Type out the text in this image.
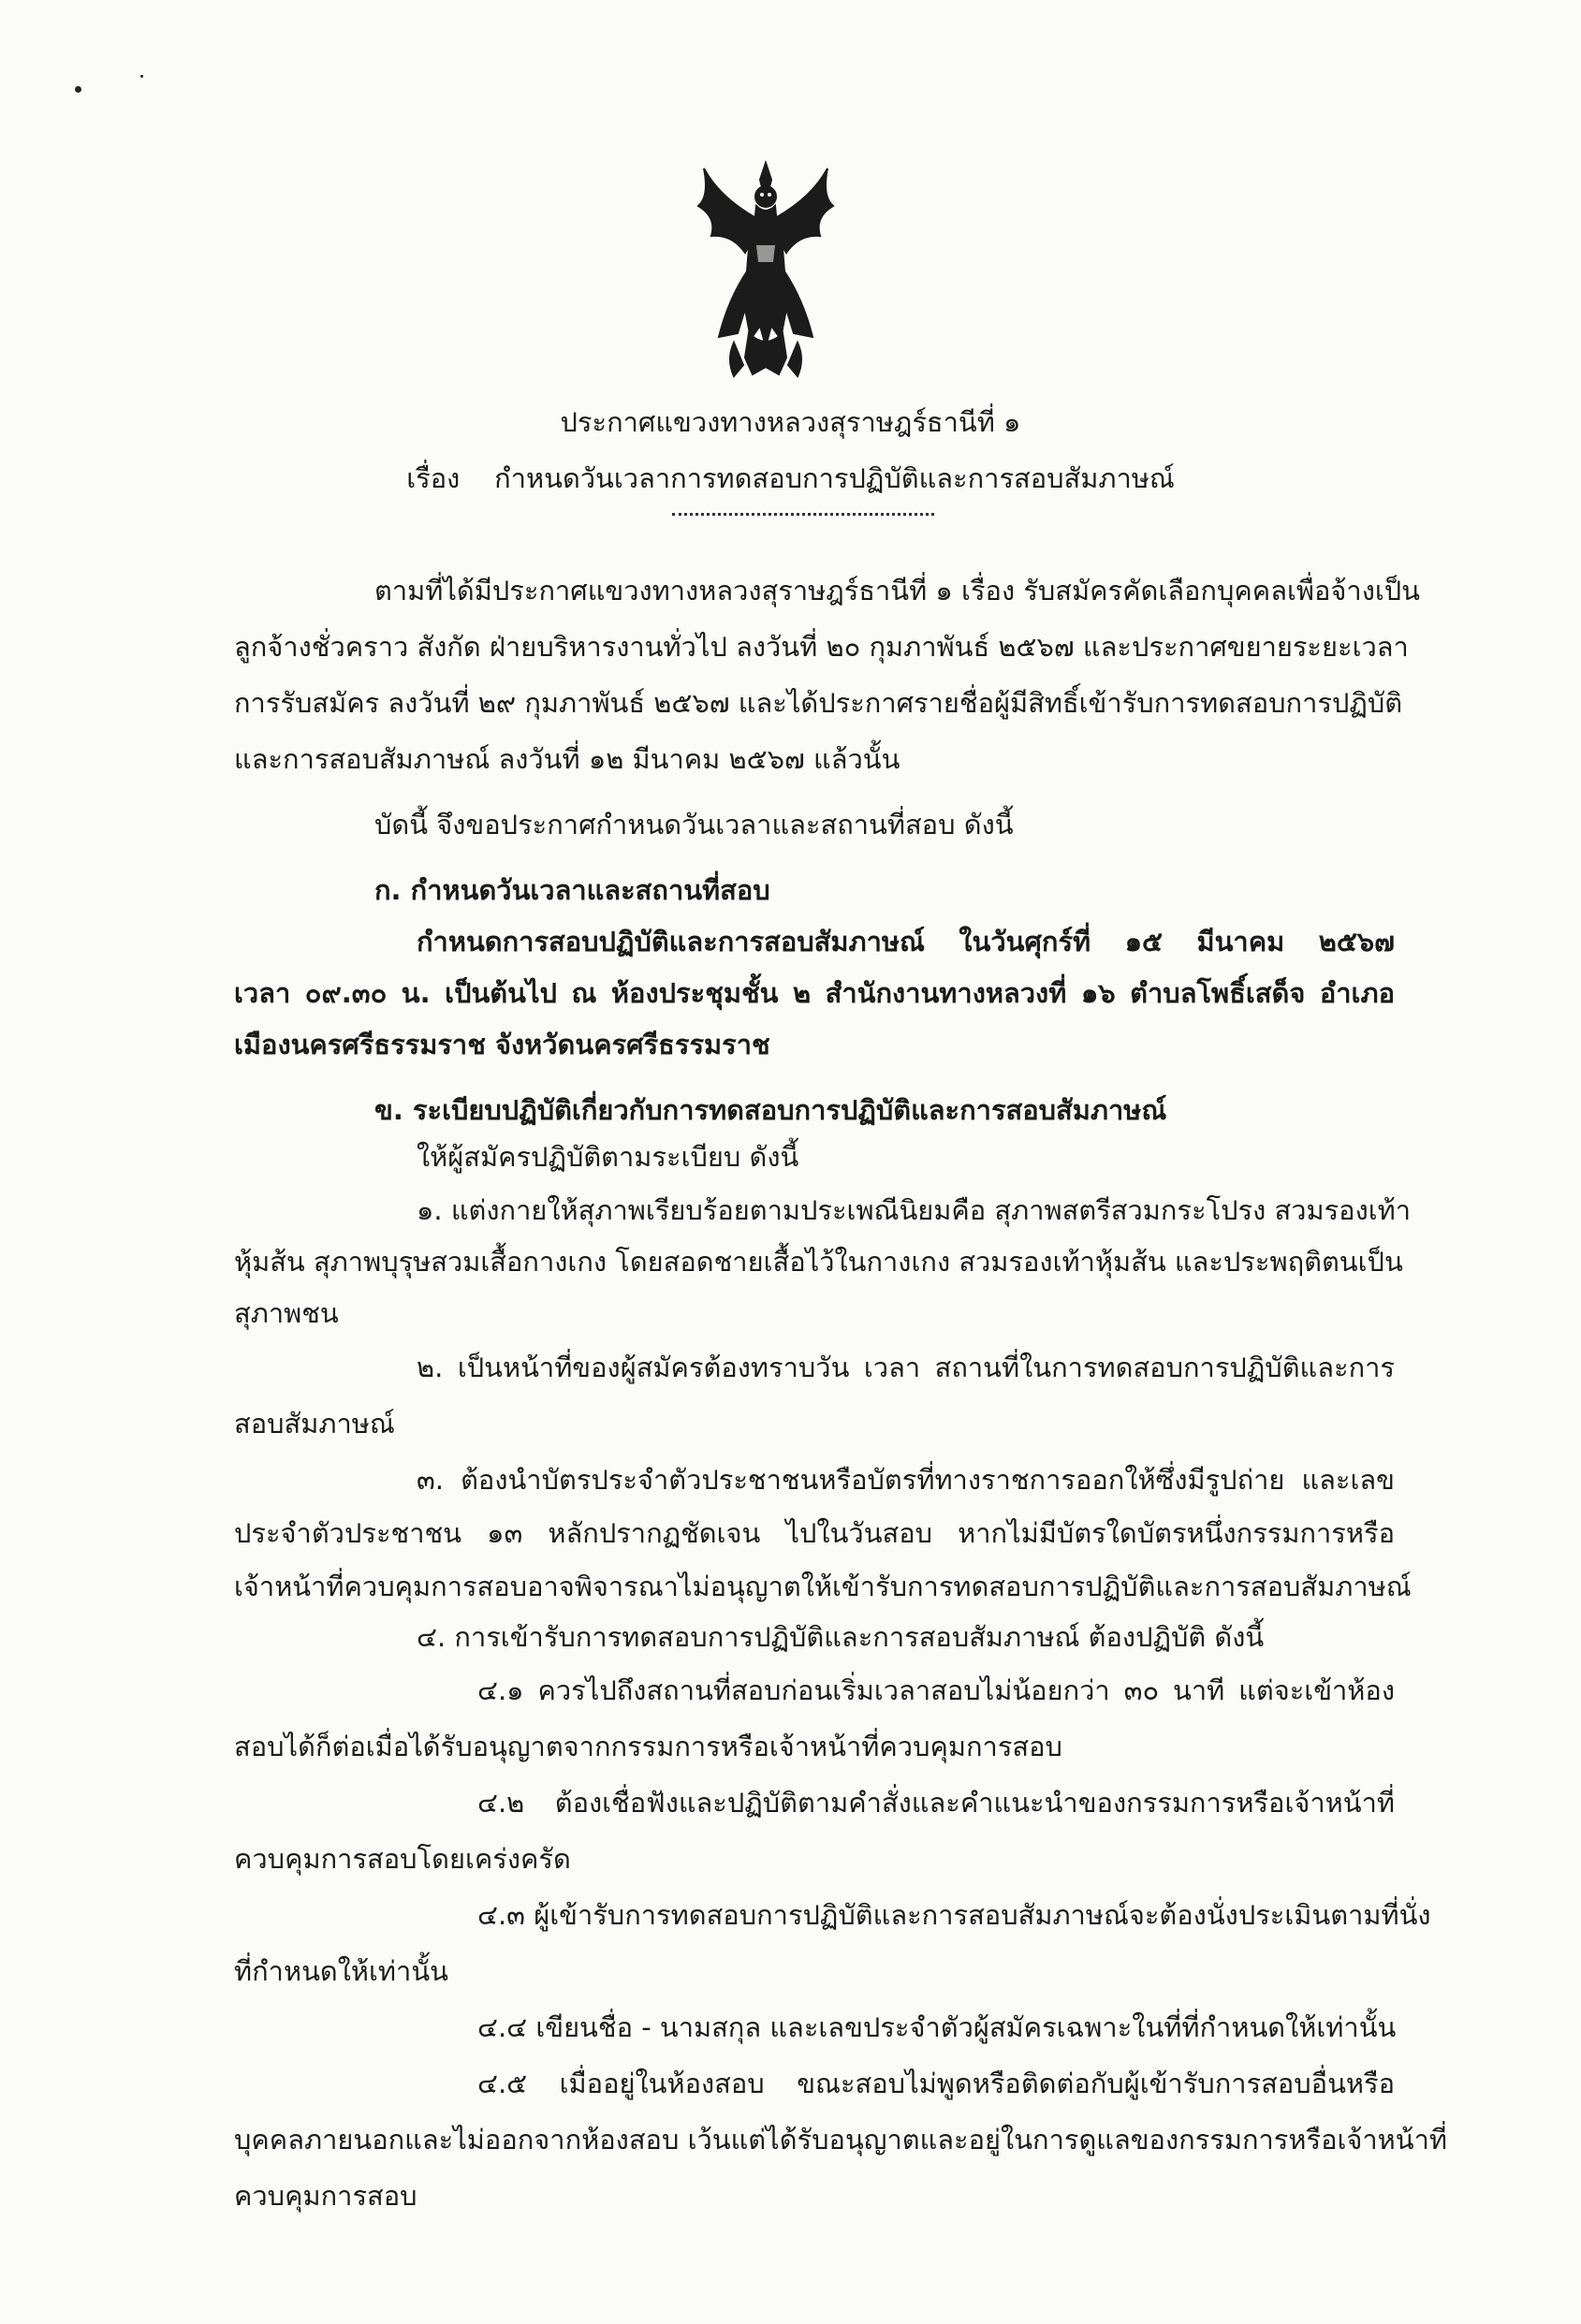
ประกาศแขวงทางหลวงสุราษฎร์ธานีที่ ๑
เรื่อง กำหนดวันเวลาการทดสอบการปฏิบัติและการสอบสัมภาษณ์
ตามที่ได้มีประกาศแขวงทางหลวงสุราษฎร์ธานีที่ ๑ เรื่อง รับสมัครคัดเลือกบุคคลเพื่อจ้างเป็น
ลูกจ้างชั่วคราว สังกัด ฝ่ายบริหารงานทั่วไป ลงวันที่ ๒๐ กุมภาพันธ์ ๒๕๖๗ และประกาศขยายระยะเวลา
การรับสมัคร ลงวันที่ ๒๙ กุมภาพันธ์ ๒๕๖๗ และได้ประกาศรายชื่อผู้มีสิทธิ์เข้ารับการทดสอบการปฏิบัติ
และการสอบสัมภาษณ์ ลงวันที่ ๑๒ มีนาคม ๒๕๖๗ แล้วนั้น
บัดนี้ จึงขอประกาศกำหนดวันเวลาและสถานที่สอบ ดังนี้
ก. กำหนดวันเวลาและสถานที่สอบ
กำหนดการสอบปฏิบัติและการสอบสัมภาษณ์ ในวันศุกร์ที่ ๑๕ มีนาคม ๒๕๖๗
เวลา ๐๙.๓๐ น. เป็นต้นไป ณ ห้องประชุมชั้น ๒ สำนักงานทางหลวงที่ ๑๖ ตำบลโพธิ์เสด็จ อำเภอ
เมืองนครศรีธรรมราช จังหวัดนครศรีธรรมราช
ข. ระเบียบปฏิบัติเกี่ยวกับการทดสอบการปฏิบัติและการสอบสัมภาษณ์
ให้ผู้สมัครปฏิบัติตามระเบียบ ดังนี้
๑. แต่งกายให้สุภาพเรียบร้อยตามประเพณีนิยมคือ สุภาพสตรีสวมกระโปรง สวมรองเท้า
หุ้มส้น สุภาพบุรุษสวมเสื้อกางเกง โดยสอดชายเสื้อไว้ในกางเกง สวมรองเท้าหุ้มส้น และประพฤติตนเป็น
สุภาพชน
๒. เป็นหน้าที่ของผู้สมัครต้องทราบวัน เวลา สถานที่ในการทดสอบการปฏิบัติและการ
สอบสัมภาษณ์
๓. ต้องนำบัตรประจำตัวประชาชนหรือบัตรที่ทางราชการออกให้ซึ่งมีรูปถ่าย และเลข
ประจำตัวประชาชน ๑๓ หลักปรากฏชัดเจน ไปในวันสอบ หากไม่มีบัตรใดบัตรหนึ่งกรรมการหรือ
เจ้าหน้าที่ควบคุมการสอบอาจพิจารณาไม่อนุญาตให้เข้ารับการทดสอบการปฏิบัติและการสอบสัมภาษณ์
๔. การเข้ารับการทดสอบการปฏิบัติและการสอบสัมภาษณ์ ต้องปฏิบัติ ดังนี้
๔.๑ ควรไปถึงสถานที่สอบก่อนเริ่มเวลาสอบไม่น้อยกว่า ๓๐ นาที แต่จะเข้าห้อง
สอบได้ก็ต่อเมื่อได้รับอนุญาตจากกรรมการหรือเจ้าหน้าที่ควบคุมการสอบ
๔.๒ ต้องเชื่อฟังและปฏิบัติตามคำสั่งและคำแนะนำของกรรมการหรือเจ้าหน้าที่
ควบคุมการสอบโดยเคร่งครัด
๔.๓ ผู้เข้ารับการทดสอบการปฏิบัติและการสอบสัมภาษณ์จะต้องนั่งประเมินตามที่นั่ง
ที่กำหนดให้เท่านั้น
๔.๔ เขียนชื่อ - นามสกุล และเลขประจำตัวผู้สมัครเฉพาะในที่ที่กำหนดให้เท่านั้น
๔.๕ เมื่ออยู่ในห้องสอบ ขณะสอบไม่พูดหรือติดต่อกับผู้เข้ารับการสอบอื่นหรือ
บุคคลภายนอกและไม่ออกจากห้องสอบ เว้นแต่ได้รับอนุญาตและอยู่ในการดูแลของกรรมการหรือเจ้าหน้าที่
ควบคุมการสอบ
